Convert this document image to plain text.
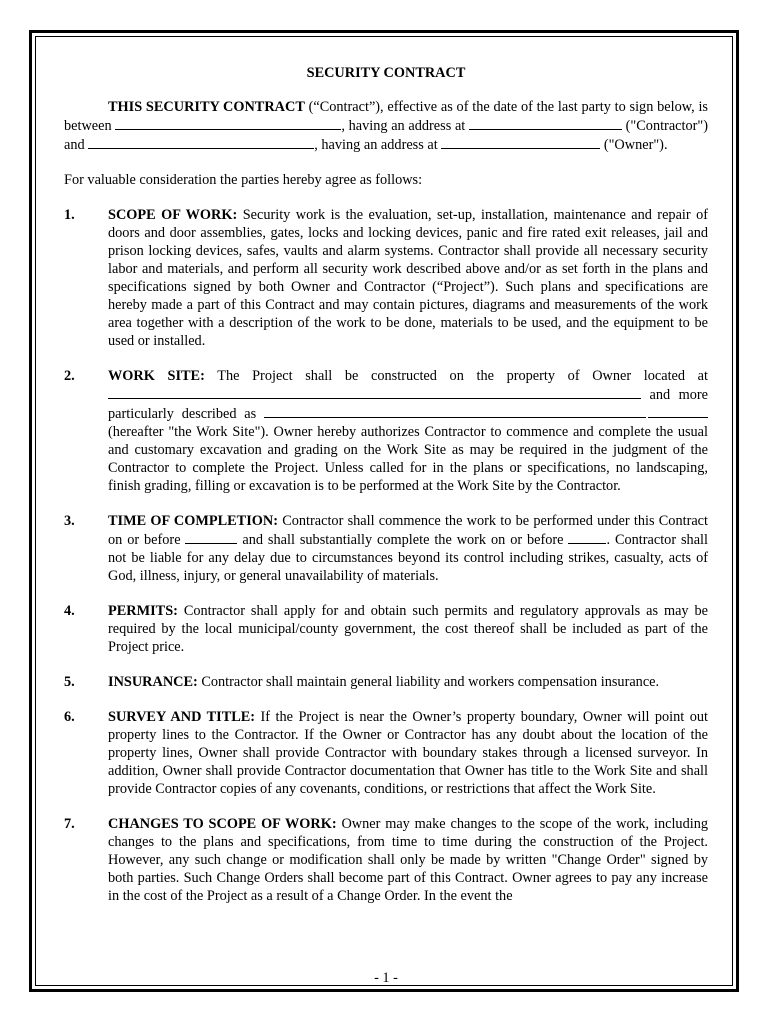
SECURITY CONTRACT

THIS SECURITY CONTRACT (“Contract”), effective as of the date of the last party to sign below, is between	, having an address at	("Contractor") and	, having an address at	("Owner").

For valuable consideration the parties hereby agree as follows:

1. SCOPE OF WORK: Security work is the evaluation, set-up, installation, maintenance and repair of doors and door assemblies, gates, locks and locking devices, panic and fire rated exit releases, jail and prison locking devices, safes, vaults and alarm systems. Contractor shall provide all necessary security labor and materials, and perform all security work described above and/or as set forth in the plans and specifications signed by both Owner and Contractor (“Project”). Such plans and specifications are hereby made a part of this Contract and may contain pictures, diagrams and measurements of the work area together with a description of the work to be done, materials to be used, and the equipment to be used or installed.

2. WORK SITE: The Project shall be constructed on the property of Owner located at  and more particularly described as  (hereafter "the Work Site"). Owner hereby authorizes Contractor to commence and complete the usual and customary excavation and grading on the Work Site as may be required in the judgment of the Contractor to complete the Project. Unless called for in the plans or specifications, no landscaping, finish grading, filling or excavation is to be performed at the Work Site by the Contractor.

3. TIME OF COMPLETION: Contractor shall commence the work to be performed under this Contract on or before	and shall substantially complete the work on or before	. Contractor shall not be liable for any delay due to circumstances beyond its control including strikes, casualty, acts of God, illness, injury, or general unavailability of materials.

4. PERMITS: Contractor shall apply for and obtain such permits and regulatory approvals as may be required by the local municipal/county government, the cost thereof shall be included as part of the Project price.

5. INSURANCE: Contractor shall maintain general liability and workers compensation insurance.

6. SURVEY AND TITLE: If the Project is near the Owner’s property boundary, Owner will point out property lines to the Contractor. If the Owner or Contractor has any doubt about the location of the property lines, Owner shall provide Contractor with boundary stakes through a licensed surveyor. In addition, Owner shall provide Contractor documentation that Owner has title to the Work Site and shall provide Contractor copies of any covenants, conditions, or restrictions that affect the Work Site.

7. CHANGES TO SCOPE OF WORK: Owner may make changes to the scope of the work, including changes to the plans and specifications, from time to time during the construction of the Project. However, any such change or modification shall only be made by written "Change Order" signed by both parties. Such Change Orders shall become part of this Contract. Owner agrees to pay any increase in the cost of the Project as a result of a Change Order. In the event the

- 1 -
